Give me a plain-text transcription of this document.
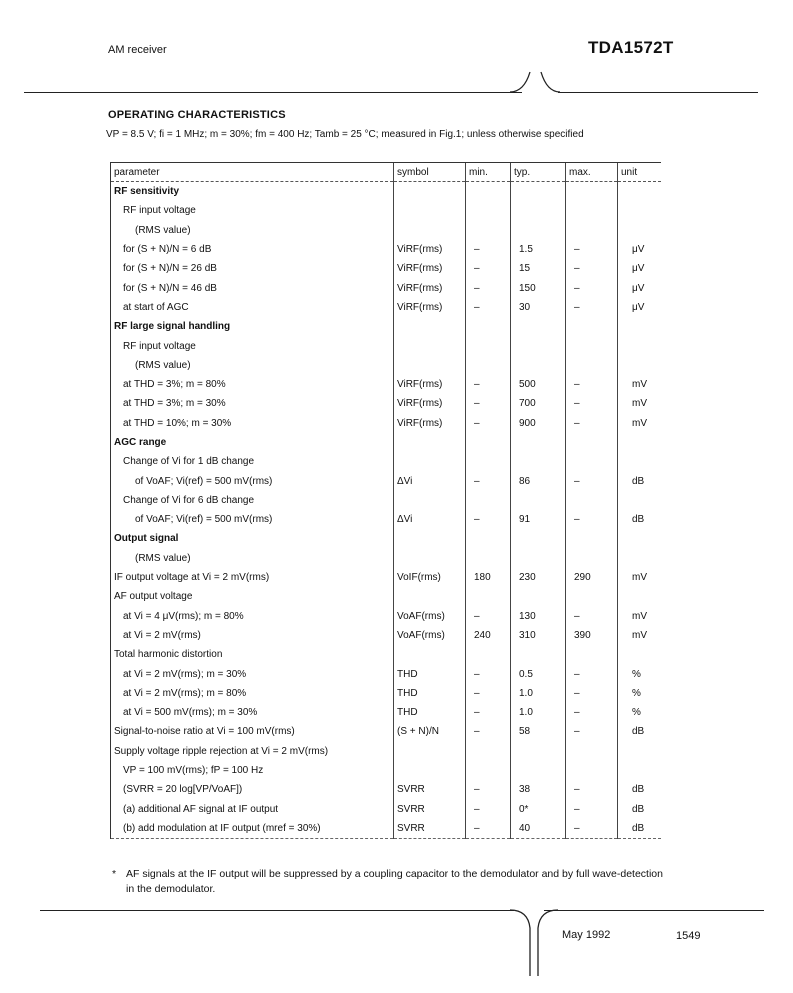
AM receiver	TDA1572T
OPERATING CHARACTERISTICS
VP = 8.5 V; fi = 1 MHz; m = 30%; fm = 400 Hz; Tamb = 25 °C; measured in Fig.1; unless otherwise specified
parameter	symbol	min.	typ.	max.	unit
RF sensitivity					
RF input voltage					
(RMS value)					
for (S + N)/N = 6 dB	ViRF(rms)	–	1.5	–	μV
for (S + N)/N = 26 dB	ViRF(rms)	–	15	–	μV
for (S + N)/N = 46 dB	ViRF(rms)	–	150	–	μV
at start of AGC	ViRF(rms)	–	30	–	μV
RF large signal handling					
RF input voltage					
(RMS value)					
at THD = 3%; m = 80%	ViRF(rms)	–	500	–	mV
at THD = 3%; m = 30%	ViRF(rms)	–	700	–	mV
at THD = 10%; m = 30%	ViRF(rms)	–	900	–	mV
AGC range					
Change of Vi for 1 dB change					
of VoAF; Vi(ref) = 500 mV(rms)	ΔVi	–	86	–	dB
Change of Vi for 6 dB change					
of VoAF; Vi(ref) = 500 mV(rms)	ΔVi	–	91	–	dB
Output signal					
(RMS value)					
IF output voltage at Vi = 2 mV(rms)	VoIF(rms)	180	230	290	mV
AF output voltage					
at Vi = 4 μV(rms); m = 80%	VoAF(rms)	–	130	–	mV
at Vi = 2 mV(rms)	VoAF(rms)	240	310	390	mV
Total harmonic distortion					
at Vi = 2 mV(rms); m = 30%	THD	–	0.5	–	%
at Vi = 2 mV(rms); m = 80%	THD	–	1.0	–	%
at Vi = 500 mV(rms); m = 30%	THD	–	1.0	–	%
Signal-to-noise ratio at Vi = 100 mV(rms)	(S + N)/N	–	58	–	dB
Supply voltage ripple rejection at Vi = 2 mV(rms)					
VP = 100 mV(rms); fP = 100 Hz					
(SVRR = 20 log[VP/VoAF])	SVRR	–	38	–	dB
(a) additional AF signal at IF output	SVRR	–	0*	–	dB
(b) add modulation at IF output (mref = 30%)	SVRR	–	40	–	dB
* AF signals at the IF output will be suppressed by a coupling capacitor to the demodulator and by full wave-detection in the demodulator.
May 1992	1549
